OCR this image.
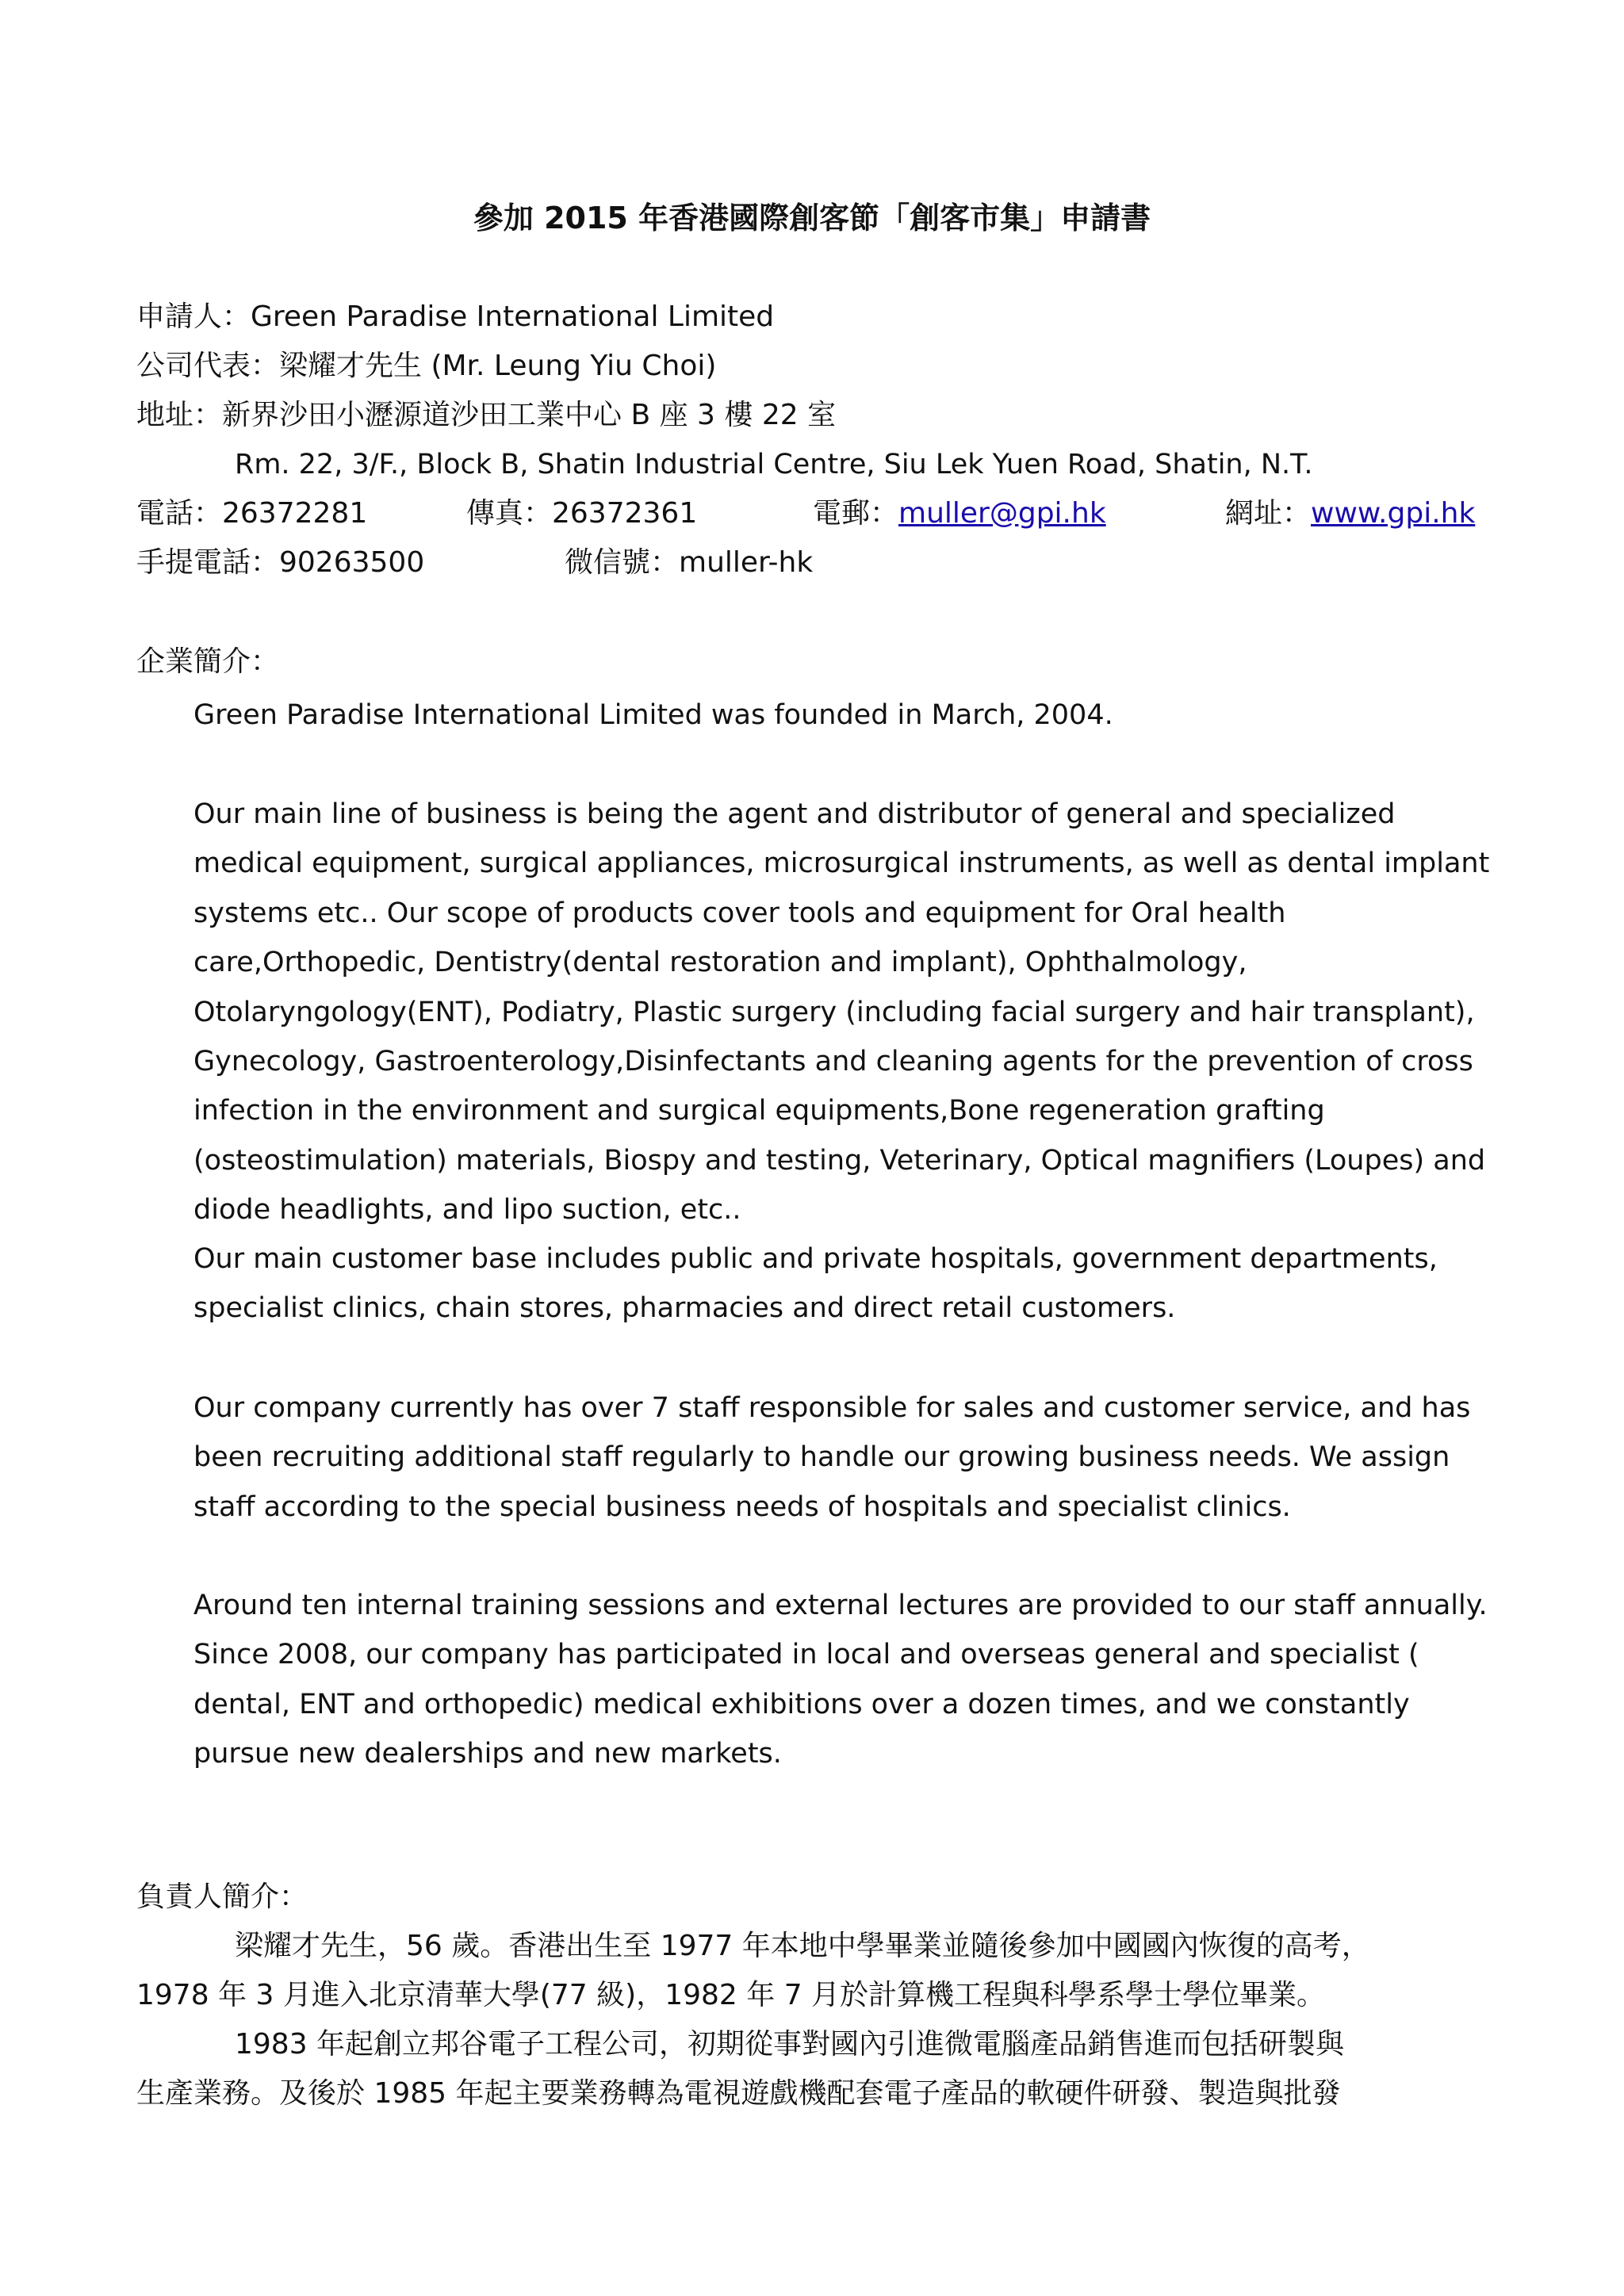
參加 2015 年香港國際創客節「創客市集」申請書
申請人：Green Paradise International Limited
公司代表：梁耀才先生 (Mr. Leung Yiu Choi)
地址：新界沙田小瀝源道沙田工業中心 B 座 3 樓 22 室
Rm. 22, 3/F., Block B, Shatin Industrial Centre, Siu Lek Yuen Road, Shatin, N.T.
電話：26372281	傳真：26372361	電郵：muller@gpi.hk	網址：www.gpi.hk
手提電話：90263500	微信號：muller-hk
企業簡介：
Green Paradise International Limited was founded in March, 2004.
Our main line of business is being the agent and distributor of general and specialized medical equipment, surgical appliances, microsurgical instruments, as well as dental implant systems etc.. Our scope of products cover tools and equipment for Oral health care,Orthopedic, Dentistry(dental restoration and implant), Ophthalmology, Otolaryngology(ENT), Podiatry, Plastic surgery (including facial surgery and hair transplant), Gynecology, Gastroenterology,Disinfectants and cleaning agents for the prevention of cross infection in the environment and surgical equipments,Bone regeneration grafting (osteostimulation) materials, Biospy and testing, Veterinary, Optical magnifiers (Loupes) and diode headlights, and lipo suction, etc..
Our main customer base includes public and private hospitals, government departments, specialist clinics, chain stores, pharmacies and direct retail customers.
Our company currently has over 7 staff responsible for sales and customer service, and has been recruiting additional staff regularly to handle our growing business needs. We assign staff according to the special business needs of hospitals and specialist clinics.
Around ten internal training sessions and external lectures are provided to our staff annually. Since 2008, our company has participated in local and overseas general and specialist ( dental, ENT and orthopedic) medical exhibitions over a dozen times, and we constantly pursue new dealerships and new markets.
負責人簡介：
梁耀才先生，56 歲。香港出生至 1977 年本地中學畢業並隨後參加中國國內恢復的高考，
1978 年 3 月進入北京清華大學(77 級)，1982 年 7 月於計算機工程與科學系學士學位畢業。
1983 年起創立邦谷電子工程公司，初期從事對國內引進微電腦產品銷售進而包括研製與
生產業務。及後於 1985 年起主要業務轉為電視遊戲機配套電子產品的軟硬件研發、製造與批發
